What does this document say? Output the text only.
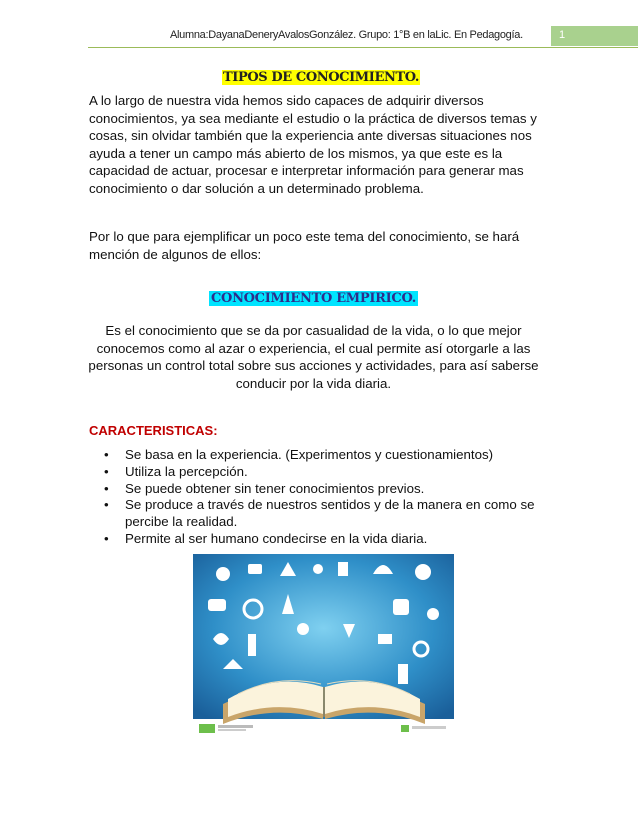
Alumna:DayanaDeneryAvalosGonzález. Grupo: 1°B en laLic. En Pedagogía.	1
TIPOS DE CONOCIMIENTO.
A lo largo de nuestra vida hemos sido capaces de adquirir diversos conocimientos, ya sea mediante el estudio o la práctica de diversos temas y cosas, sin olvidar también que la experiencia ante diversas situaciones nos ayuda a tener un campo más abierto de los mismos, ya que este es la capacidad de actuar, procesar e interpretar información para generar mas conocimiento o dar solución a un determinado problema.
Por lo que para ejemplificar un poco este tema del conocimiento, se hará mención de algunos de ellos:
CONOCIMIENTO EMPIRICO.
Es el conocimiento que se da por casualidad de la vida, o lo que mejor conocemos como al azar o experiencia, el cual permite así otorgarle a las personas un control total sobre sus acciones y actividades, para así saberse conducir por la vida diaria.
CARACTERISTICAS:
• Se basa en la experiencia. (Experimentos y cuestionamientos)
• Utiliza la percepción.
• Se puede obtener sin tener conocimientos previos.
• Se produce a través de nuestros sentidos y de la manera en como se percibe la realidad.
• Permite al ser humano condecirse en la vida diaria.
